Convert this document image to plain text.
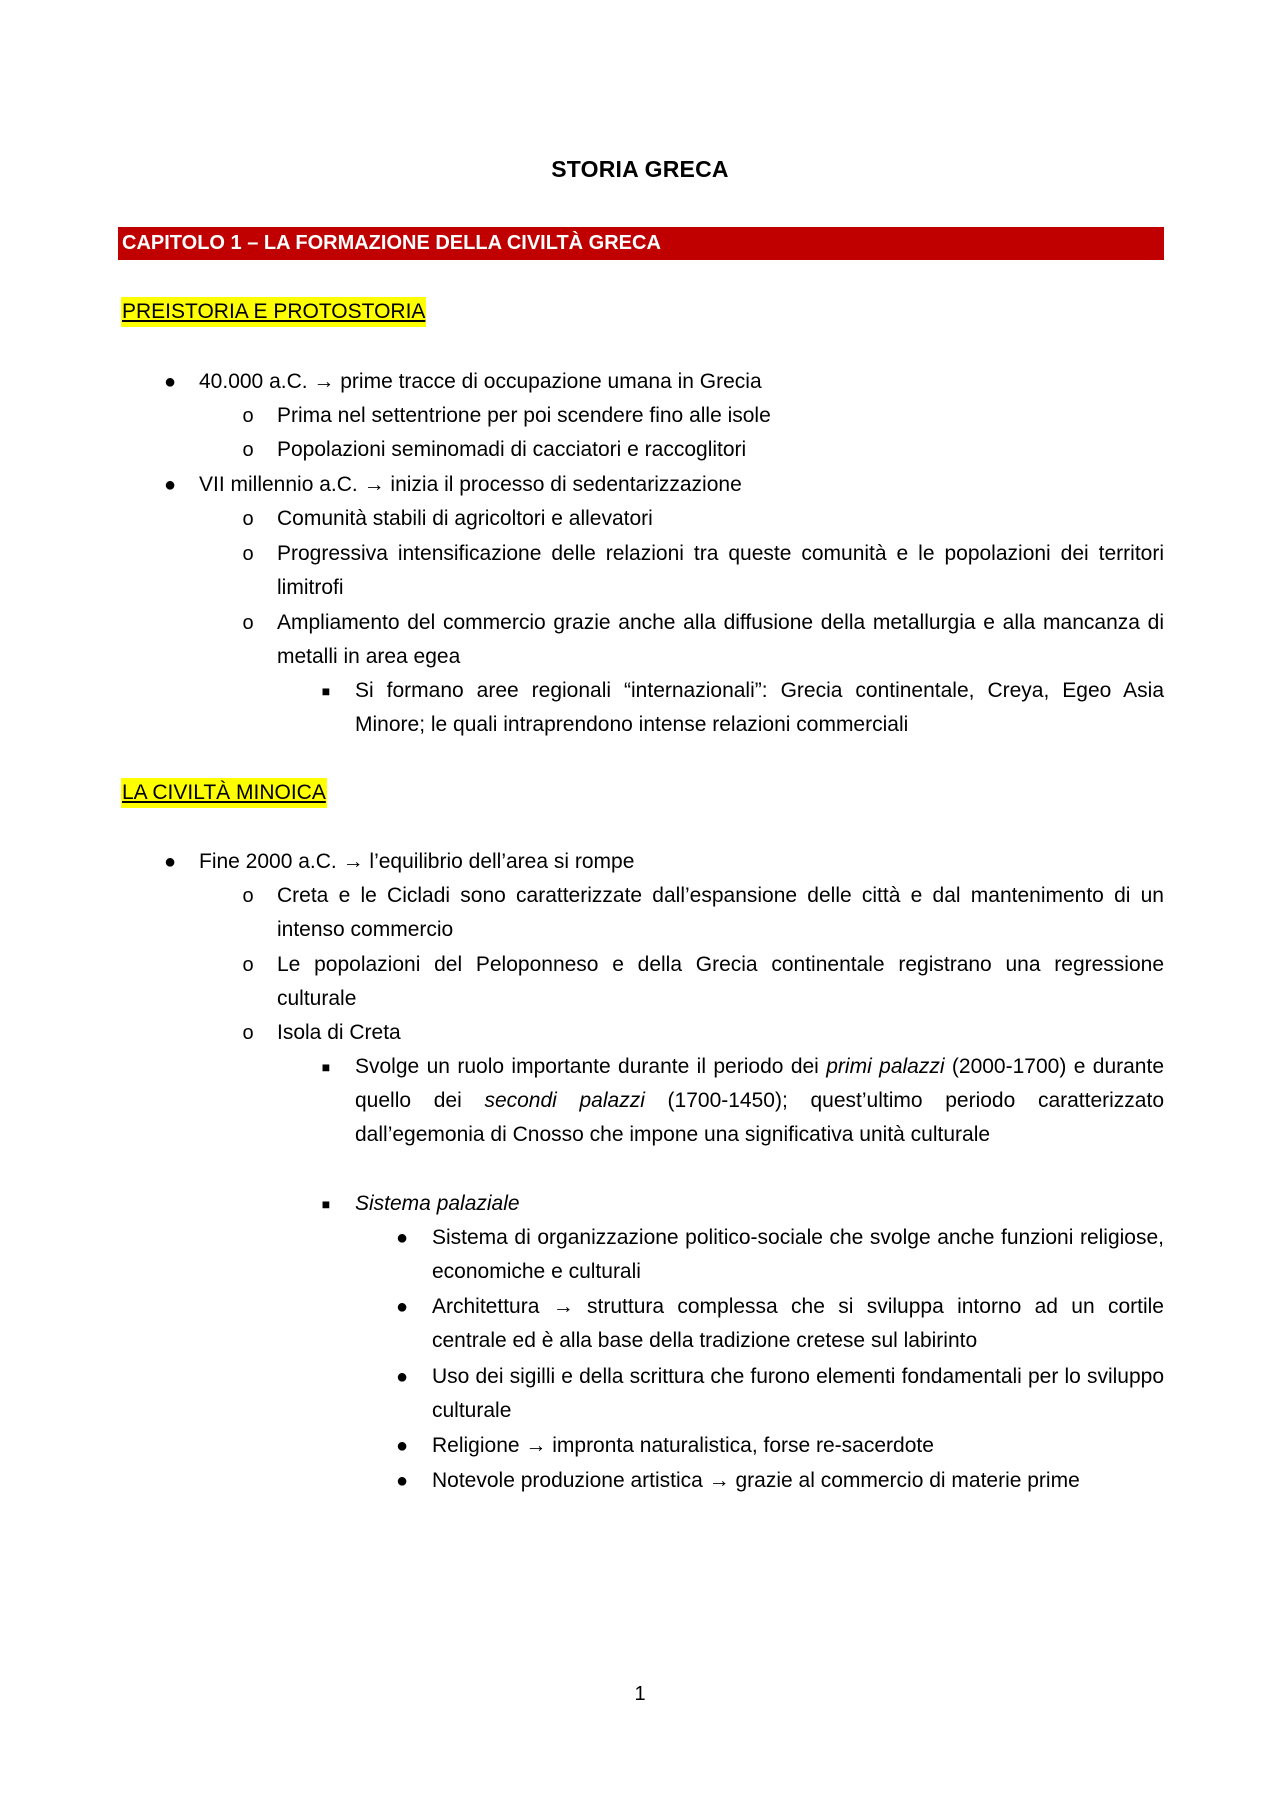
STORIA GRECA
CAPITOLO 1 – LA FORMAZIONE DELLA CIVILTÀ GRECA
PREISTORIA E PROTOSTORIA
● 40.000 a.C. → prime tracce di occupazione umana in Grecia
o Prima nel settentrione per poi scendere fino alle isole
o Popolazioni seminomadi di cacciatori e raccoglitori
● VII millennio a.C. → inizia il processo di sedentarizzazione
o Comunità stabili di agricoltori e allevatori
o Progressiva intensificazione delle relazioni tra queste comunità e le popolazioni dei territori limitrofi
o Ampliamento del commercio grazie anche alla diffusione della metallurgia e alla mancanza di metalli in area egea
■ Si formano aree regionali “internazionali”: Grecia continentale, Creya, Egeo Asia Minore; le quali intraprendono intense relazioni commerciali
LA CIVILTÀ MINOICA
● Fine 2000 a.C. → l’equilibrio dell’area si rompe
o Creta e le Cicladi sono caratterizzate dall’espansione delle città e dal mantenimento di un intenso commercio
o Le popolazioni del Peloponneso e della Grecia continentale registrano una regressione culturale
o Isola di Creta
■ Svolge un ruolo importante durante il periodo dei primi palazzi (2000-1700) e durante quello dei secondi palazzi (1700-1450); quest’ultimo periodo caratterizzato dall’egemonia di Cnosso che impone una significativa unità culturale
■ Sistema palaziale
● Sistema di organizzazione politico-sociale che svolge anche funzioni religiose, economiche e culturali
● Architettura → struttura complessa che si sviluppa intorno ad un cortile centrale ed è alla base della tradizione cretese sul labirinto
● Uso dei sigilli e della scrittura che furono elementi fondamentali per lo sviluppo culturale
● Religione → impronta naturalistica, forse re-sacerdote
● Notevole produzione artistica → grazie al commercio di materie prime
1
